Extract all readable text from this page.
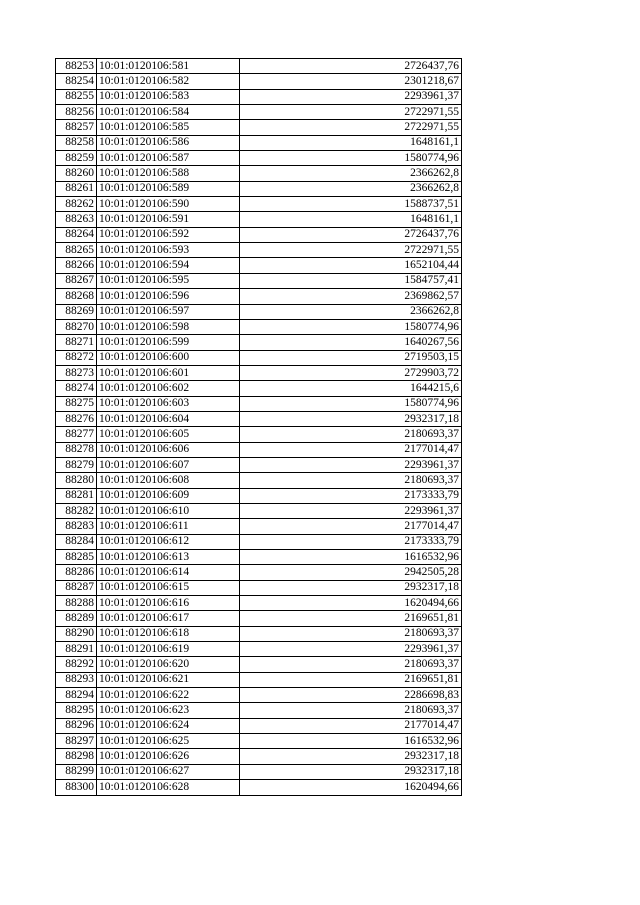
88253	10:01:0120106:581	2726437,76
88254	10:01:0120106:582	2301218,67
88255	10:01:0120106:583	2293961,37
88256	10:01:0120106:584	2722971,55
88257	10:01:0120106:585	2722971,55
88258	10:01:0120106:586	1648161,1
88259	10:01:0120106:587	1580774,96
88260	10:01:0120106:588	2366262,8
88261	10:01:0120106:589	2366262,8
88262	10:01:0120106:590	1588737,51
88263	10:01:0120106:591	1648161,1
88264	10:01:0120106:592	2726437,76
88265	10:01:0120106:593	2722971,55
88266	10:01:0120106:594	1652104,44
88267	10:01:0120106:595	1584757,41
88268	10:01:0120106:596	2369862,57
88269	10:01:0120106:597	2366262,8
88270	10:01:0120106:598	1580774,96
88271	10:01:0120106:599	1640267,56
88272	10:01:0120106:600	2719503,15
88273	10:01:0120106:601	2729903,72
88274	10:01:0120106:602	1644215,6
88275	10:01:0120106:603	1580774,96
88276	10:01:0120106:604	2932317,18
88277	10:01:0120106:605	2180693,37
88278	10:01:0120106:606	2177014,47
88279	10:01:0120106:607	2293961,37
88280	10:01:0120106:608	2180693,37
88281	10:01:0120106:609	2173333,79
88282	10:01:0120106:610	2293961,37
88283	10:01:0120106:611	2177014,47
88284	10:01:0120106:612	2173333,79
88285	10:01:0120106:613	1616532,96
88286	10:01:0120106:614	2942505,28
88287	10:01:0120106:615	2932317,18
88288	10:01:0120106:616	1620494,66
88289	10:01:0120106:617	2169651,81
88290	10:01:0120106:618	2180693,37
88291	10:01:0120106:619	2293961,37
88292	10:01:0120106:620	2180693,37
88293	10:01:0120106:621	2169651,81
88294	10:01:0120106:622	2286698,83
88295	10:01:0120106:623	2180693,37
88296	10:01:0120106:624	2177014,47
88297	10:01:0120106:625	1616532,96
88298	10:01:0120106:626	2932317,18
88299	10:01:0120106:627	2932317,18
88300	10:01:0120106:628	1620494,66
